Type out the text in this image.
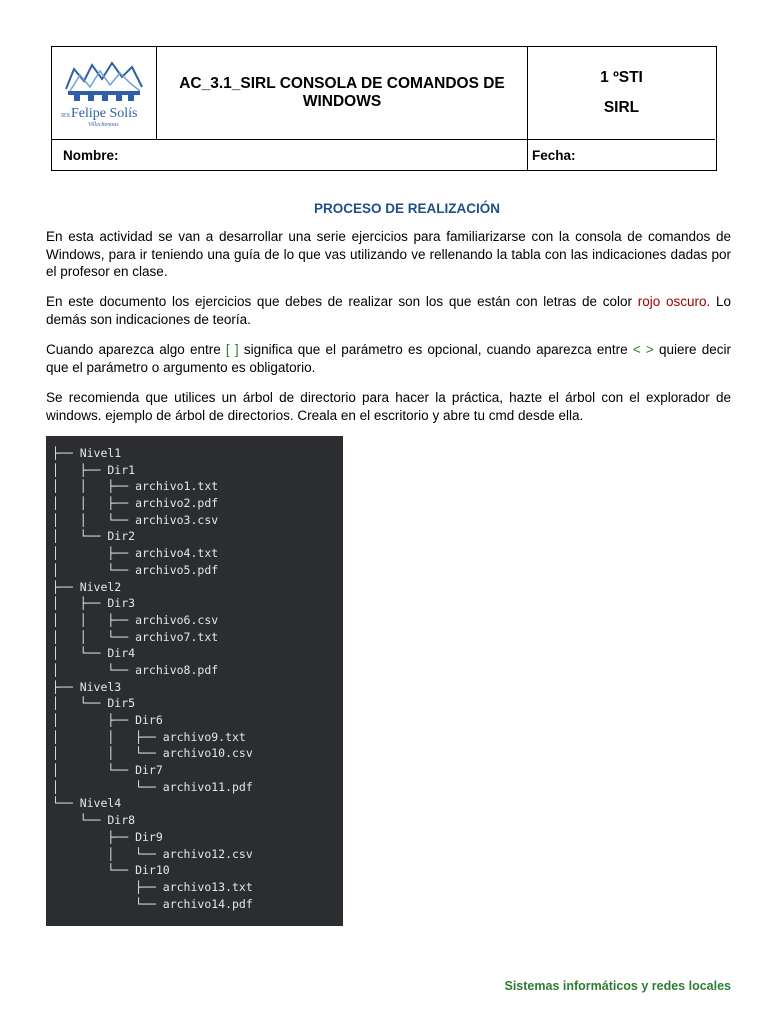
IES Felipe Solís
Villechenous
AC_3.1_SIRL CONSOLA DE COMANDOS DE WINDOWS
1 ºSTI
SIRL
Nombre:	Fecha:
PROCESO DE REALIZACIÓN

En esta actividad se van a desarrollar una serie ejercicios para familiarizarse con la consola de comandos de Windows, para ir teniendo una guía de lo que vas utilizando ve rellenando la tabla con las indicaciones dadas por el profesor en clase.

En este documento los ejercicios que debes de realizar son los que están con letras de color rojo oscuro. Lo demás son indicaciones de teoría.

Cuando aparezca algo entre [ ] significa que el parámetro es opcional, cuando aparezca entre < > quiere decir que el parámetro o argumento es obligatorio.

Se recomienda que utilices un árbol de directorio para hacer la práctica, hazte el árbol con el explorador de windows. ejemplo de árbol de directorios. Creala en el escritorio y abre tu cmd desde ella.

├── Nivel1
│   ├── Dir1
│   │   ├── archivo1.txt
│   │   ├── archivo2.pdf
│   │   └── archivo3.csv
│   └── Dir2
│       ├── archivo4.txt
│       └── archivo5.pdf
├── Nivel2
│   ├── Dir3
│   │   ├── archivo6.csv
│   │   └── archivo7.txt
│   └── Dir4
│       └── archivo8.pdf
├── Nivel3
│   └── Dir5
│       ├── Dir6
│       │   ├── archivo9.txt
│       │   └── archivo10.csv
│       └── Dir7
│           └── archivo11.pdf
└── Nivel4
└── Dir8
├── Dir9
│   └── archivo12.csv
└── Dir10
├── archivo13.txt
└── archivo14.pdf
Sistemas informáticos y redes locales
